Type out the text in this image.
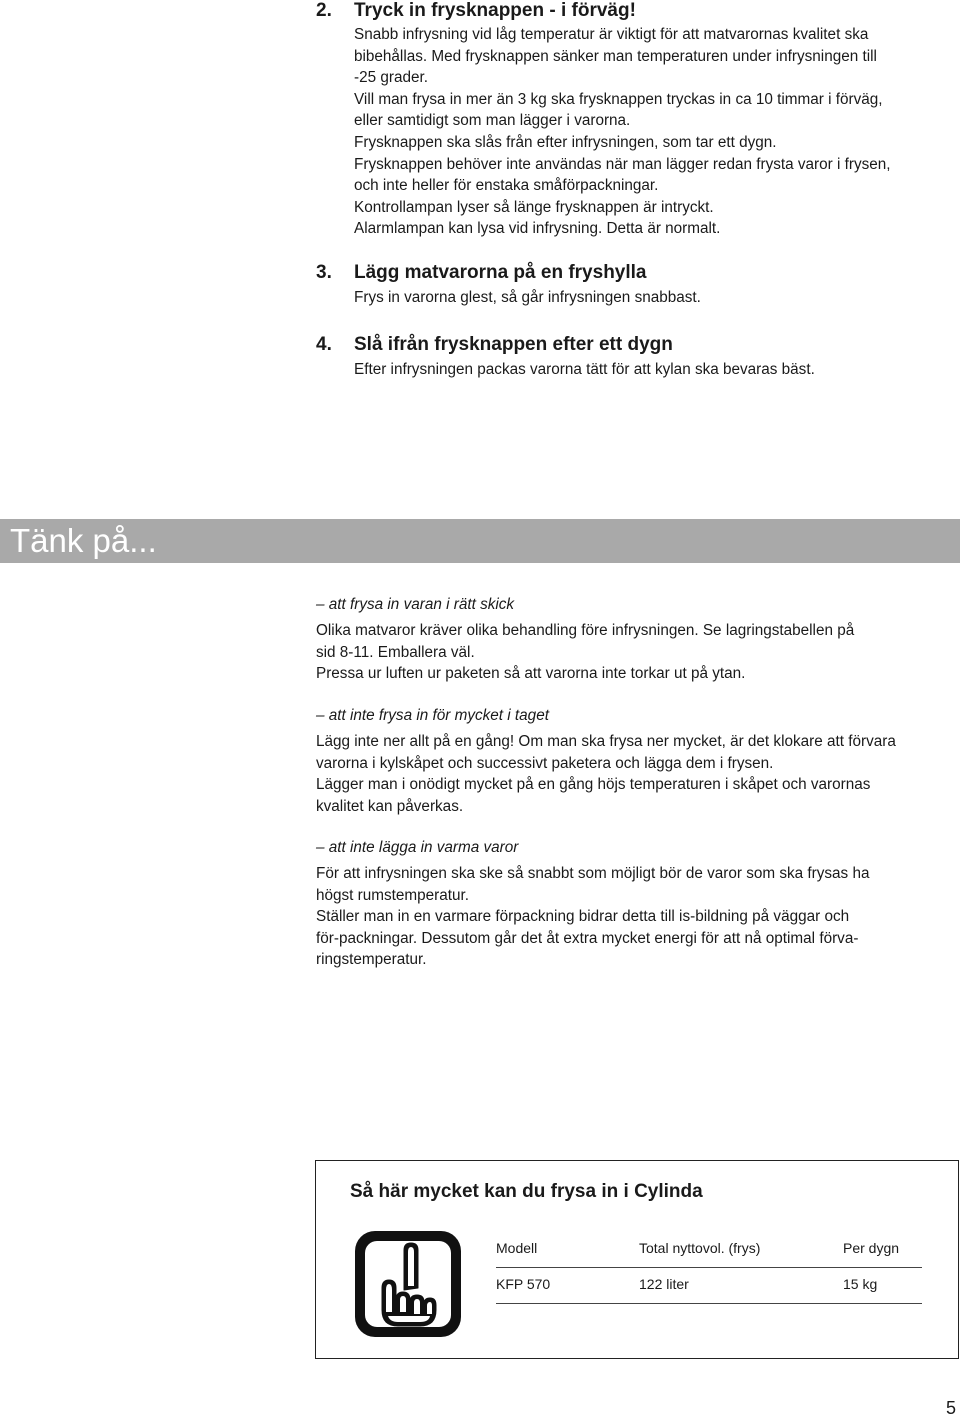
2. Tryck in frysknappen - i förväg!
Snabb infrysning vid låg temperatur är viktigt för att matvarornas kvalitet ska
bibehållas. Med frysknappen sänker man temperaturen under infrysningen till
-25 grader.
Vill man frysa in mer än 3 kg ska frysknappen tryckas in ca 10 timmar i förväg,
eller samtidigt som man lägger i varorna.
Frysknappen ska slås från efter infrysningen, som tar ett dygn.
Frysknappen behöver inte användas när man lägger redan frysta varor i frysen,
och inte heller för enstaka småförpackningar.
Kontrollampan lyser så länge frysknappen är intryckt.
Alarmlampan kan lysa vid infrysning. Detta är normalt.
3. Lägg matvarorna på en fryshylla
Frys in varorna glest, så går infrysningen snabbast.
4. Slå ifrån frysknappen efter ett dygn
Efter infrysningen packas varorna tätt för att kylan ska bevaras bäst.
Tänk på...
– att frysa in varan i rätt skick
Olika matvaror kräver olika behandling före infrysningen. Se lagringstabellen på
sid 8-11. Emballera väl.
Pressa ur luften ur paketen så att varorna inte torkar ut på ytan.
– att inte frysa in för mycket i taget
Lägg inte ner allt på en gång! Om man ska frysa ner mycket, är det klokare att förvara
varorna i kylskåpet och successivt paketera och lägga dem i frysen.
Lägger man i onödigt mycket på en gång höjs temperaturen i skåpet och varornas
kvalitet kan påverkas.
– att inte lägga in varma varor
För att infrysningen ska ske så snabbt som möjligt bör de varor som ska frysas ha
högst rumstemperatur.
Ställer man in en varmare förpackning bidrar detta till is-bildning på väggar och
för-packningar. Dessutom går det åt extra mycket energi för att nå optimal förva-
ringstemperatur.
Så här mycket kan du frysa in i Cylinda
Modell	Total nyttovol. (frys)	Per dygn
KFP 570	122 liter	15 kg
5
